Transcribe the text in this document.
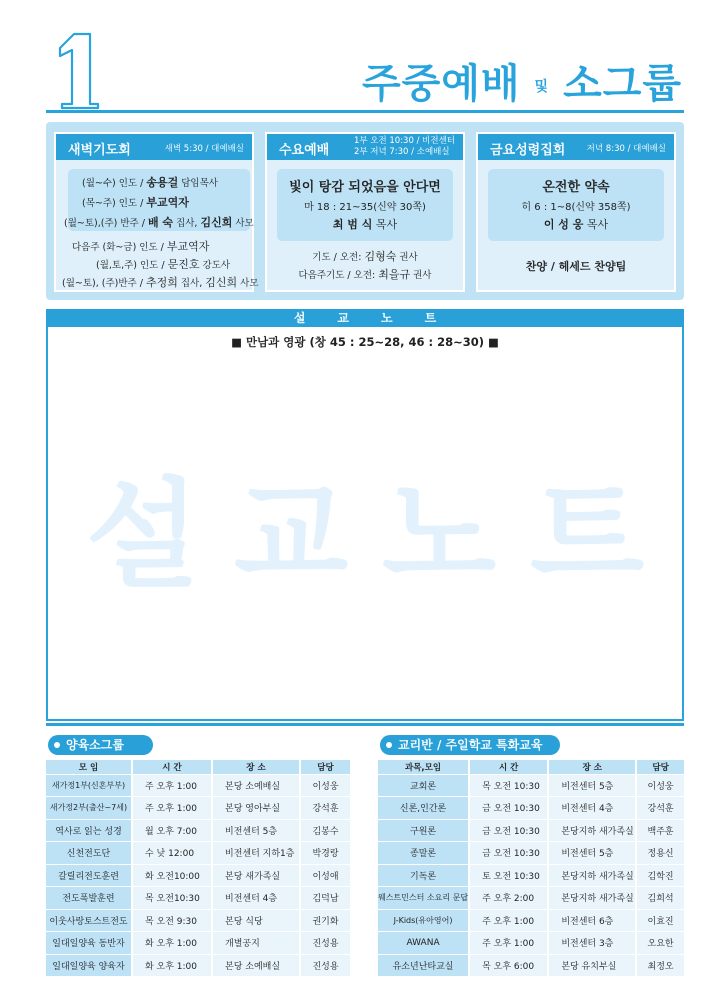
주중예배 및 소그룹
새벽기도회	새벽 5:30 / 대예배실
(월~수) 인도 / 송용걸 담임목사
(목~주) 인도 / 부교역자
(월~토),(주) 반주 / 배 숙 집사, 김신희 사모
다음주 (화~금) 인도 / 부교역자
(월,토,주) 인도 / 문진호 강도사
(월~토), (주)반주 / 추정희 집사, 김신희 사모
수요예배
1부 오전 10:30 / 비전센터
2부 저녁 7:30 / 소예배실
빛이 탕감 되었음을 안다면
마 18 : 21~35(신약 30쪽)
최 범 식 목사
기도 / 오전: 김형숙 권사
다음주기도 / 오전: 최을규 권사
금요성령집회	저녁 8:30 / 대예배실
온전한 약속
히 6 : 1~8(신약 358쪽)
이 성 웅 목사
찬양 / 헤세드 찬양팀
설교노트
■ 만남과 영광 (창 45 : 25~28, 46 : 28~30) ■
설교노트
양육소그룹
모 임	시 간	장 소	담당
새가정1부(신혼부부)	주 오후 1:00	본당 소예배실	이성웅
새가정2부(출산~7세)	주 오후 1:00	본당 영아부실	강석훈
역사로 읽는 성경	월 오후 7:00	비전센터 5층	김봉수
신천전도단	수 낮 12:00	비전센터 지하1층	박경랑
갈릴리전도훈련	화 오전10:00	본당 새가족실	이성애
전도폭발훈련	목 오전10:30	비전센터 4층	김덕남
이웃사랑토스트전도	목 오전 9:30	본당 식당	권기화
일대일양육 동반자	화 오후 1:00	개별공지	진성용
일대일양육 양육자	화 오후 1:00	본당 소예배실	진성용
교리반 / 주일학교 특화교육
과목,모임	시 간	장 소	담당
교회론	목 오전 10:30	비전센터 5층	이성웅
신론,인간론	금 오전 10:30	비전센터 4층	강석훈
구원론	금 오전 10:30	본당지하 새가족실	백주훈
종말론	금 오전 10:30	비전센터 5층	정용신
기독론	토 오전 10:30	본당지하 새가족실	김학진
웨스트민스터 소요리 문답	주 오후 2:00	본당지하 새가족실	김희석
J-Kids(유아영어)	주 오후 1:00	비전센터 6층	이효진
AWANA	주 오후 1:00	비전센터 3층	오요한
유소년난타교실	목 오후 6:00	본당 유치부실	최정오
